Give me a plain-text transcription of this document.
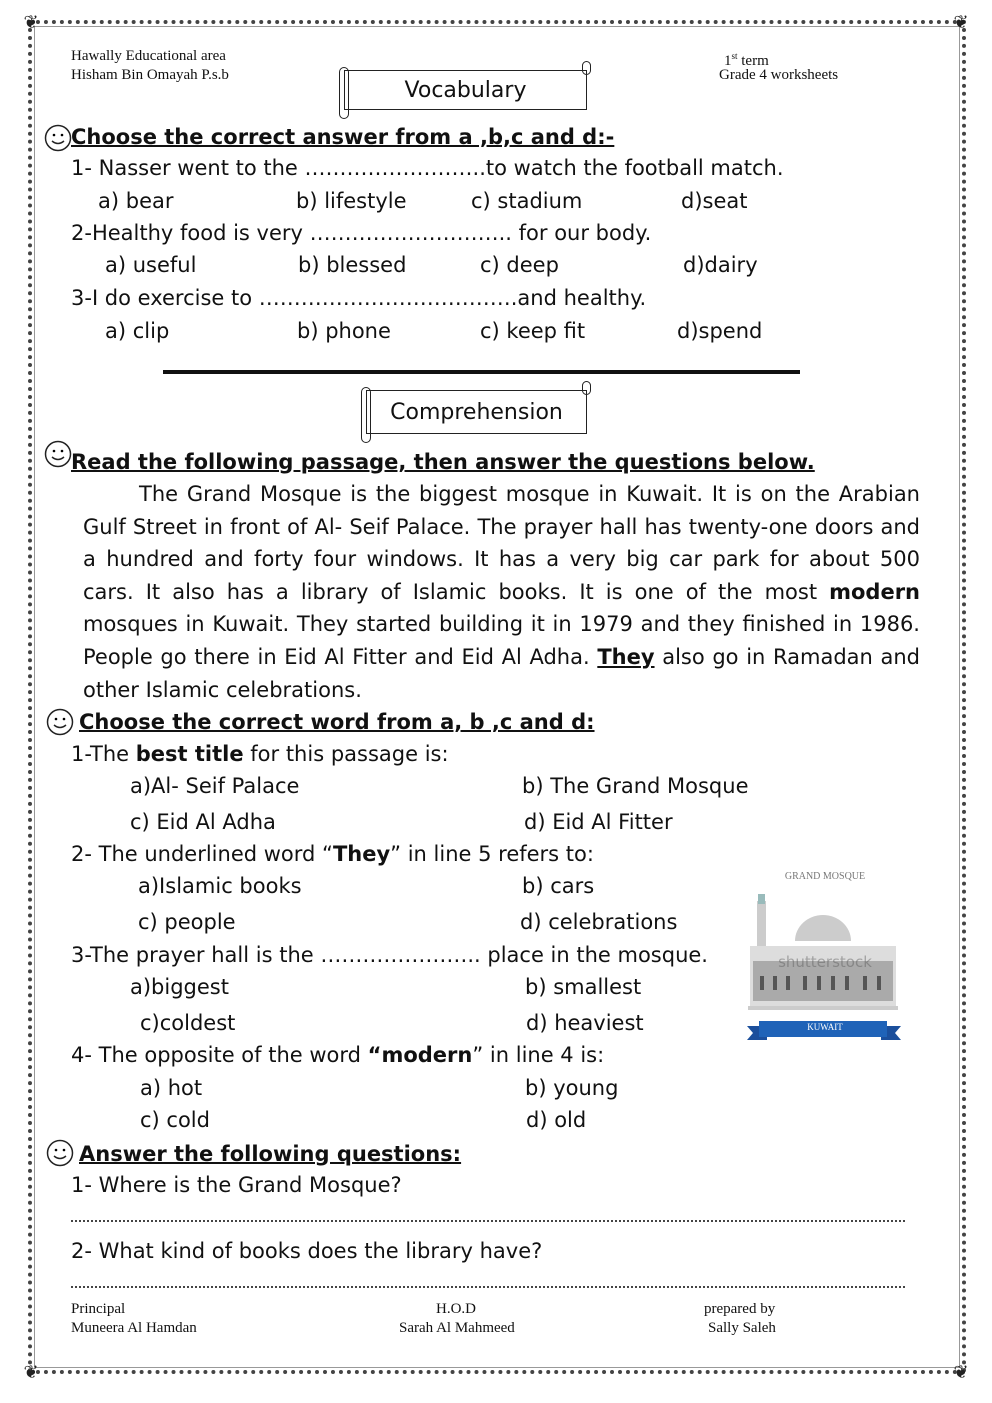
❦	❦
❦	❦
Hawally Educational area
Hisham Bin Omayah P.s.b
1st term
Grade 4 worksheets
Vocabulary
Choose the correct answer from a ,b,c and d:-
1- Nasser went to the ……………………..to watch the football match.
a) bear	b) lifestyle	c) stadium	d)seat
2-Healthy food is very ……………………….. for our body.
a) useful	b) blessed	c) deep	d)dairy
3-I do exercise to ……………………………….and healthy.
a) clip	b) phone	c) keep fit	d)spend
Comprehension
Read the following passage, then answer the questions below.
The Grand Mosque is the biggest mosque in Kuwait. It is on the Arabian Gulf Street in front of Al- Seif Palace. The prayer hall has twenty-one doors and a hundred and forty four windows. It has a very big car park for about 500 cars. It also has a library of Islamic books. It is one of the most modern mosques in Kuwait. They started building it in 1979 and they finished in 1986. People go there in Eid Al Fitter and Eid Al Adha. They also go in Ramadan and other Islamic celebrations.
Choose the correct word from a, b ,c and d:
1-The best title for this passage is:
a)Al- Seif Palace	b) The Grand Mosque
c) Eid Al Adha	d) Eid Al Fitter
2- The underlined word “They” in line 5 refers to:
a)Islamic books	b) cars
c) people	d) celebrations
3-The prayer hall is the ………………….. place in the mosque.
a)biggest	b) smallest
c)coldest	d) heaviest
4- The opposite of the word “modern” in line 4 is:
a) hot	b) young
c) cold	d) old
GRAND MOSQUE
shutterstock
KUWAIT
Answer the following questions:
1- Where is the Grand Mosque?
2- What kind of books does the library have?
Principal
Muneera Al Hamdan
H.O.D
Sarah Al Mahmeed
prepared by
Sally Saleh
